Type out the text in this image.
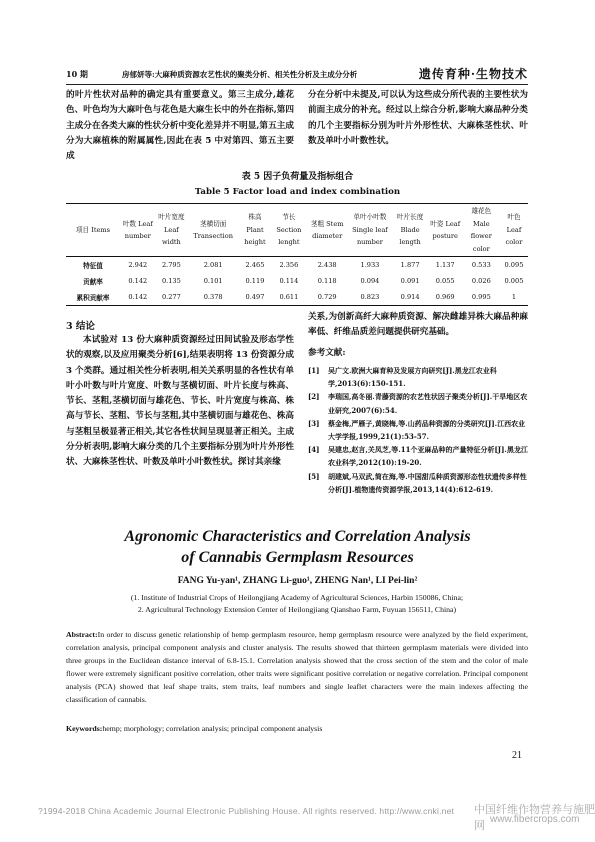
10 期	房郁妍等:大麻种质资源农艺性状的聚类分析、相关性分析及主成分分析	遗传育种·生物技术

的叶片性状对品种的确定具有重要意义。第三主成分,雄花色、叶色均为大麻叶色与花色是大麻生长中的外在指标,第四主成分在各类大麻的性状分析中变化差异并不明显,第五主成分为大麻植株的附属属性,因此在表 5 中对第四、第五主要成

分在分析中未提及,可以认为这些成分所代表的主要性状为前面主成分的补充。经过以上综合分析,影响大麻品种分类的几个主要指标分别为叶片外形性状、大麻株茎性状、叶数及单叶小叶数性状。

表 5 因子负荷量及指标组合
Table 5 Factor load and index combination
项目 Items	叶数 Leaf number	叶片宽度 Leaf width	茎横切面 Transection	株高 Plant height	节长 Section lenght	茎粗 Stem diameter	单叶小叶数 Single leaf number	叶片长度 Blade length	叶姿 Leaf posture	雄花色 Male flower color	叶色 Leaf color
特征值	2.942	2.795	2.081	2.465	2.356	2.438	1.933	1.877	1.137	0.533	0.095
贡献率	0.142	0.135	0.101	0.119	0.114	0.118	0.094	0.091	0.055	0.026	0.005
累积贡献率	0.142	0.277	0.378	0.497	0.611	0.729	0.823	0.914	0.969	0.995	1
3 结论

本试验对 13 份大麻种质资源经过田间试验及形态学性状的观察,以及应用聚类分析[6],结果表明将 13 份资源分成 3 个类群。通过相关性分析表明,相关关系明显的各性状有单叶小叶数与叶片宽度、叶数与茎横切面、叶片长度与株高、节长、茎粗,茎横切面与雄花色、节长、叶片宽度与株高、株高与节长、茎粗、节长与茎粗,其中茎横切面与雄花色、株高与茎粗呈极显著正相关,其它各性状间呈现显著正相关。主成分分析表明,影响大麻分类的几个主要指标分别为叶片外形性状、大麻株茎性状、叶数及单叶小叶数性状。探讨其亲缘

关系,为创新高纤大麻种质资源、解决雌雄异株大麻品种麻率低、纤维品质差问题提供研究基础。

参考文献:
[1]	吴广文.欧洲大麻育种及发展方向研究[J].黑龙江农业科学,2013(6):150-151.
[2]	李瑞国,高冬丽.青藤资源的农艺性状因子聚类分析[J].干旱地区农业研究,2007(6):54.
[3]	蔡金梅,严雁子,黄晓梅,等.山药品种资源的分类研究[J].江西农业大学学报,1999,21(1):53-57.
[4]	吴建忠,赵言,关凤芝,等.11个亚麻品种的产量特征分析[J].黑龙江农业科学,2012(10):19-20.
[5]	胡建斌,马双武,简在海,等.中国甜瓜种质资源形态性状遗传多样性分析[J].植物遗传资源学报,2013,14(4):612-619.
Agronomic Characteristics and Correlation Analysis
of Cannabis Germplasm Resources
FANG Yu-yan¹, ZHANG Li-guo¹, ZHENG Nan¹, LI Pei-lin²
(1. Institute of Industrial Crops of Heilongjiang Academy of Agricultural Sciences, Harbin 150086, China;
2. Agricultural Technology Extension Center of Heilongjiang Qianshao Farm, Fuyuan 156511, China)

Abstract:In order to discuss genetic relationship of hemp germplasm resource, hemp germplasm resource were analyzed by the field experiment, correlation analysis, principal component analysis and cluster analysis. The results showed that thirteen germplasm materials were divided into three groups in the Euclidean distance interval of 6.8-15.1. Correlation analysis showed that the cross section of the stem and the color of male flower were extremely significant positive correlation, other traits were significant positive correlation or negative correlation. Principal component analysis (PCA) showed that leaf shape traits, stem traits, leaf numbers and single leaflet characters were the main indexes affecting the classification of cannabis.

Keywords:hemp; morphology; correlation analysis; principal component analysis
21
?1994-2018 China Academic Journal Electronic Publishing House. All rights reserved. http://www.cnki.net 中国纤维作物营养与施肥网 www.fibercrops.com
